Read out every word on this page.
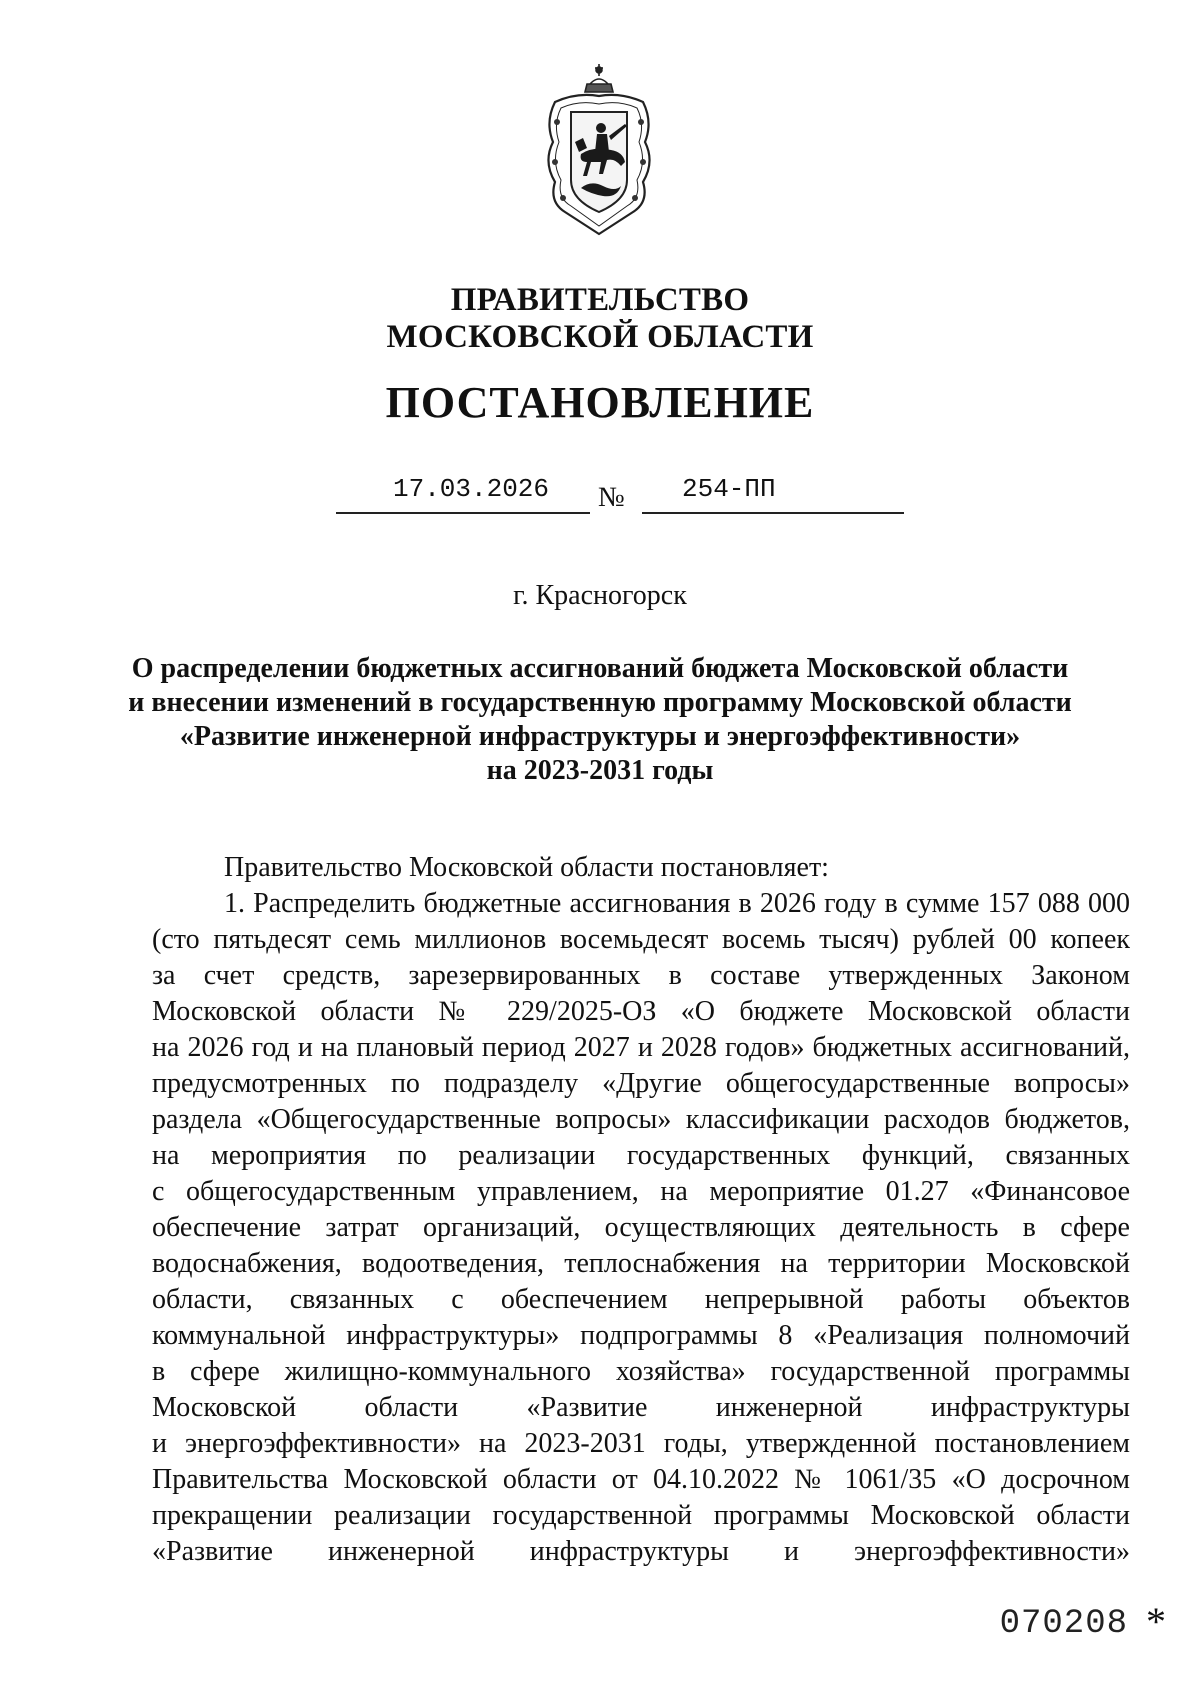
ПРАВИТЕЛЬСТВО
МОСКОВСКОЙ ОБЛАСТИ
ПОСТАНОВЛЕНИЕ
17.03.2026	№	254-ПП
г. Красногорск
О распределении бюджетных ассигнований бюджета Московской области
и внесении изменений в государственную программу Московской области
«Развитие инженерной инфраструктуры и энергоэффективности»
на 2023-2031 годы
Правительство Московской области постановляет:
1. Распределить бюджетные ассигнования в 2026 году в сумме 157 088 000
(сто пятьдесят семь миллионов восемьдесят восемь тысяч) рублей 00 копеек
за счет средств, зарезервированных в составе утвержденных Законом
Московской области № 229/2025-ОЗ «О бюджете Московской области
на 2026 год и на плановый период 2027 и 2028 годов» бюджетных ассигнований,
предусмотренных по подразделу «Другие общегосударственные вопросы»
раздела «Общегосударственные вопросы» классификации расходов бюджетов,
на мероприятия по реализации государственных функций, связанных
с общегосударственным управлением, на мероприятие 01.27 «Финансовое
обеспечение затрат организаций, осуществляющих деятельность в сфере
водоснабжения, водоотведения, теплоснабжения на территории Московской
области, связанных с обеспечением непрерывной работы объектов
коммунальной инфраструктуры» подпрограммы 8 «Реализация полномочий
в сфере жилищно-коммунального хозяйства» государственной программы
Московской области «Развитие инженерной инфраструктуры
и энергоэффективности» на 2023-2031 годы, утвержденной постановлением
Правительства Московской области от 04.10.2022 № 1061/35 «О досрочном
прекращении реализации государственной программы Московской области
«Развитие инженерной инфраструктуры и энергоэффективности»
070208 *
